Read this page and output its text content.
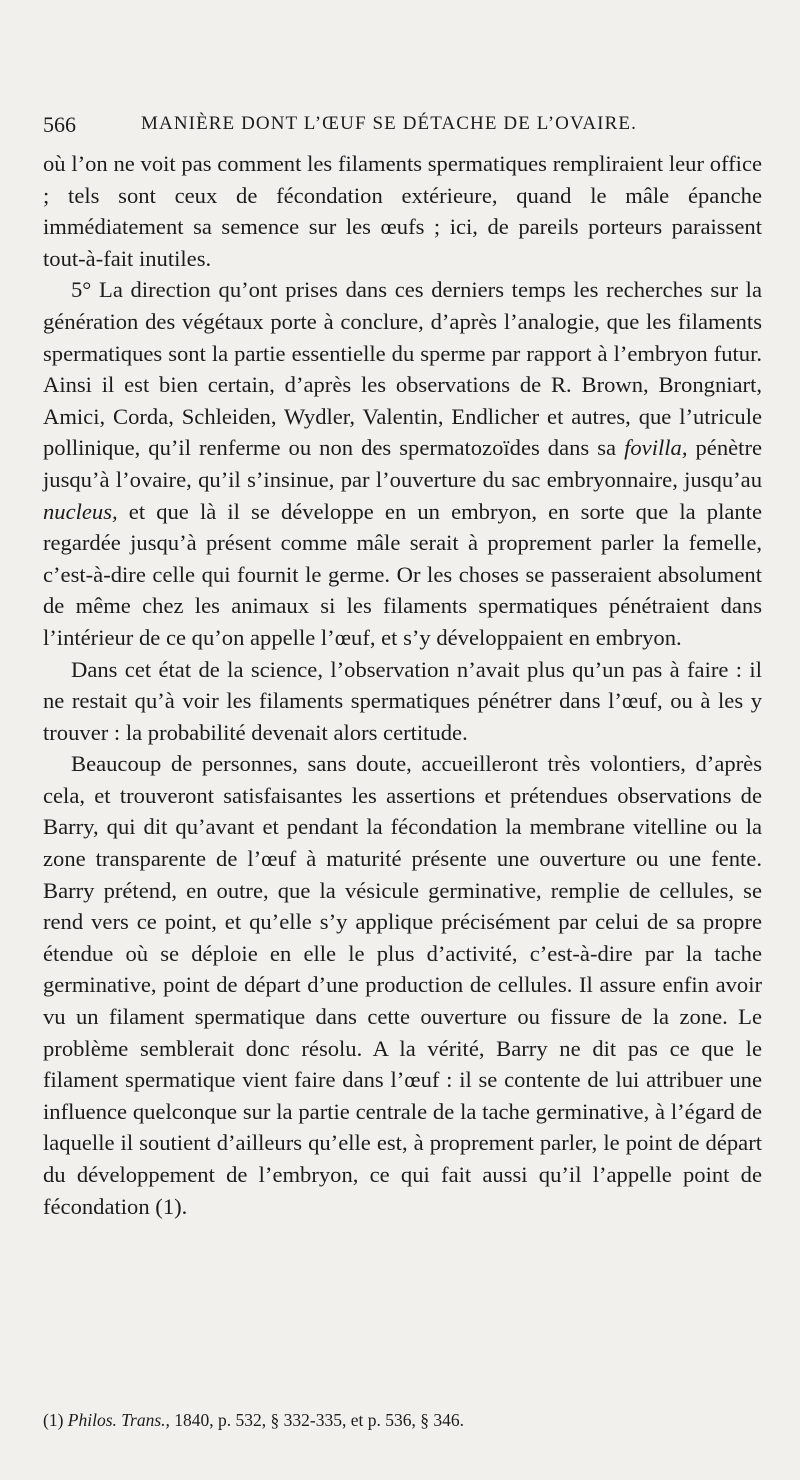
566	MANIÈRE DONT L’ŒUF SE DÉTACHE DE L’OVAIRE.

où l’on ne voit pas comment les filaments spermatiques rempliraient leur office ; tels sont ceux de fécondation extérieure, quand le mâle épanche immédiatement sa semence sur les œufs ; ici, de pareils porteurs paraissent tout-à-fait inutiles.

5° La direction qu’ont prises dans ces derniers temps les recherches sur la génération des végétaux porte à conclure, d’après l’analogie, que les filaments spermatiques sont la partie essentielle du sperme par rapport à l’embryon futur. Ainsi il est bien certain, d’après les observations de R. Brown, Brongniart, Amici, Corda, Schleiden, Wydler, Valentin, Endlicher et autres, que l’utricule pollinique, qu’il renferme ou non des spermatozoïdes dans sa fovilla, pénètre jusqu’à l’ovaire, qu’il s’insinue, par l’ouverture du sac embryonnaire, jusqu’au nucleus, et que là il se développe en un embryon, en sorte que la plante regardée jusqu’à présent comme mâle serait à proprement parler la femelle, c’est-à-dire celle qui fournit le germe. Or les choses se passeraient absolument de même chez les animaux si les filaments spermatiques pénétraient dans l’intérieur de ce qu’on appelle l’œuf, et s’y développaient en embryon.

Dans cet état de la science, l’observation n’avait plus qu’un pas à faire : il ne restait qu’à voir les filaments spermatiques pénétrer dans l’œuf, ou à les y trouver : la probabilité devenait alors certitude.

Beaucoup de personnes, sans doute, accueilleront très volontiers, d’après cela, et trouveront satisfaisantes les assertions et prétendues observations de Barry, qui dit qu’avant et pendant la fécondation la membrane vitelline ou la zone transparente de l’œuf à maturité présente une ouverture ou une fente. Barry prétend, en outre, que la vésicule germinative, remplie de cellules, se rend vers ce point, et qu’elle s’y applique précisément par celui de sa propre étendue où se déploie en elle le plus d’activité, c’est-à-dire par la tache germinative, point de départ d’une production de cellules. Il assure enfin avoir vu un filament spermatique dans cette ouverture ou fissure de la zone. Le problème semblerait donc résolu. A la vérité, Barry ne dit pas ce que le filament spermatique vient faire dans l’œuf : il se contente de lui attribuer une influence quelconque sur la partie centrale de la tache germinative, à l’égard de laquelle il soutient d’ailleurs qu’elle est, à proprement parler, le point de départ du développement de l’embryon, ce qui fait aussi qu’il l’appelle point de fécondation (1).

(1) Philos. Trans., 1840, p. 532, § 332-335, et p. 536, § 346.
